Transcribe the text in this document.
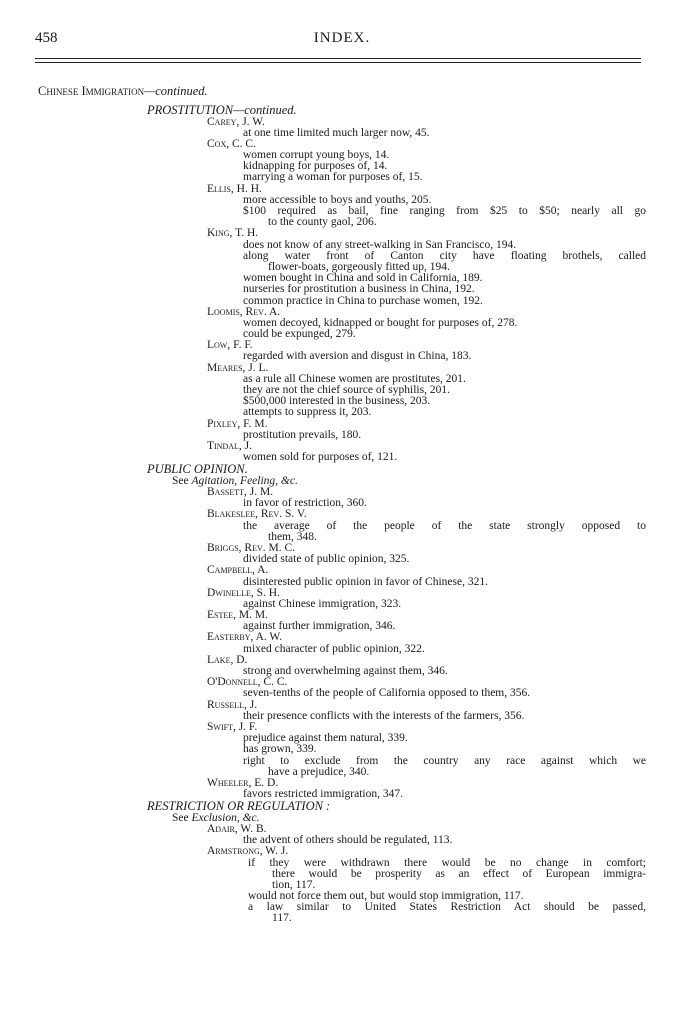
458	INDEX.
Chinese Immigration—continued.
PROSTITUTION—continued.
Carey, J. W.
at one time limited much larger now, 45.
Cox, C. C.
women corrupt young boys, 14.
kidnapping for purposes of, 14.
marrying a woman for purposes of, 15.
Ellis, H. H.
more accessible to boys and youths, 205.
$100 required as bail, fine ranging from $25 to $50; nearly all go
to the county gaol, 206.
King, T. H.
does not know of any street-walking in San Francisco, 194.
along water front of Canton city have floating brothels, called
flower-boats, gorgeously fitted up, 194.
women bought in China and sold in California, 189.
nurseries for prostitution a business in China, 192.
common practice in China to purchase women, 192.
Loomis, Rev. A.
women decoyed, kidnapped or bought for purposes of, 278.
could be expunged, 279.
Low, F. F.
regarded with aversion and disgust in China, 183.
Meares, J. L.
as a rule all Chinese women are prostitutes, 201.
they are not the chief source of syphilis, 201.
$500,000 interested in the business, 203.
attempts to suppress it, 203.
Pixley, F. M.
prostitution prevails, 180.
Tindal, J.
women sold for purposes of, 121.
PUBLIC OPINION.
See Agitation, Feeling, &c.
Bassett, J. M.
in favor of restriction, 360.
Blakeslee, Rev. S. V.
the average of the people of the state strongly opposed to
them, 348.
Briggs, Rev. M. C.
divided state of public opinion, 325.
Campbell, A.
disinterested public opinion in favor of Chinese, 321.
Dwinelle, S. H.
against Chinese immigration, 323.
Estee, M. M.
against further immigration, 346.
Easterby, A. W.
mixed character of public opinion, 322.
Lake, D.
strong and overwhelming against them, 346.
O'Donnell, C. C.
seven-tenths of the people of California opposed to them, 356.
Russell, J.
their presence conflicts with the interests of the farmers, 356.
Swift, J. F.
prejudice against them natural, 339.
has grown, 339.
right to exclude from the country any race against which we
have a prejudice, 340.
Wheeler, E. D.
favors restricted immigration, 347.
RESTRICTION OR REGULATION :
See Exclusion, &c.
Adair, W. B.
the advent of others should be regulated, 113.
Armstrong, W. J.
if they were withdrawn there would be no change in comfort;
there would be prosperity as an effect of European immigra-
tion, 117.
would not force them out, but would stop immigration, 117.
a law similar to United States Restriction Act should be passed,
117.
